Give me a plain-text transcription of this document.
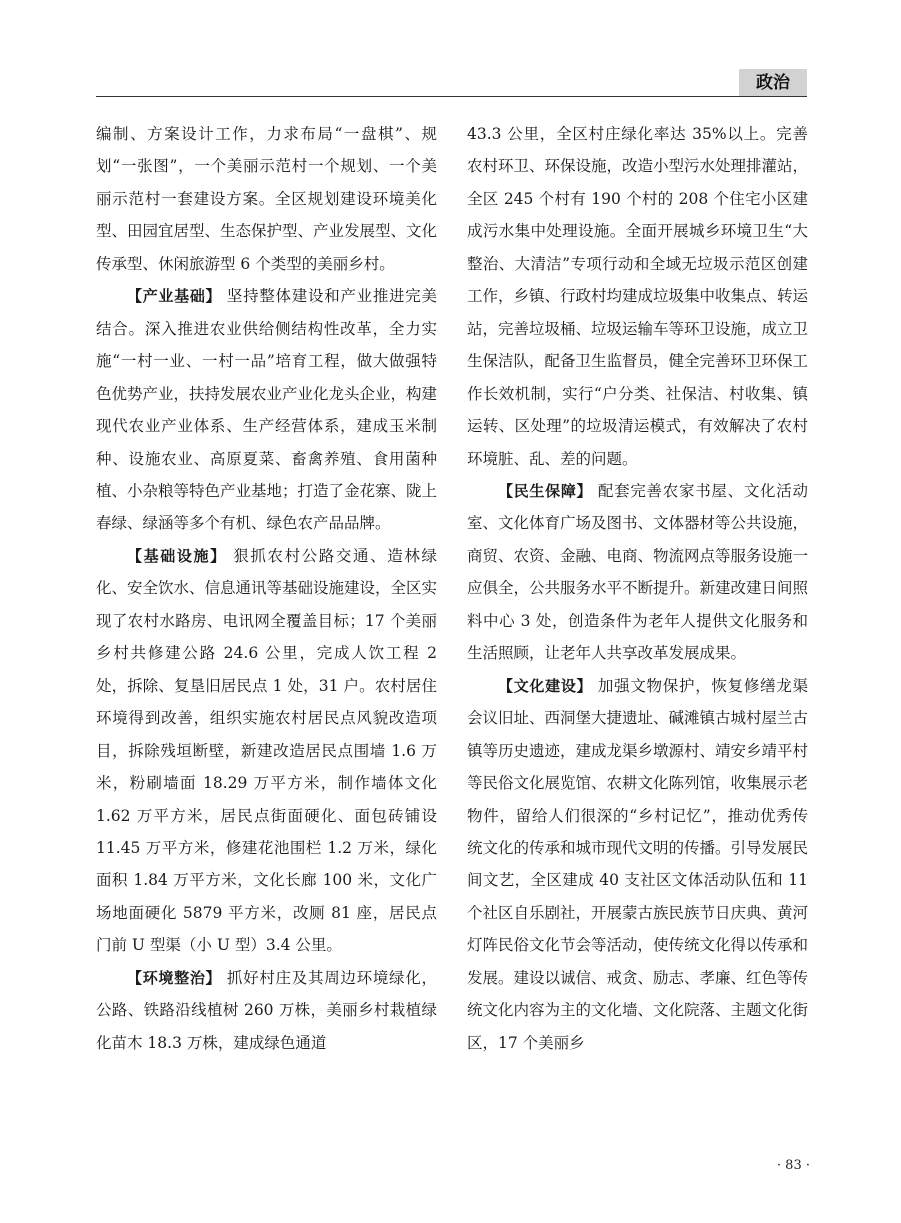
政治

编制、方案设计工作，力求布局“一盘棋”、规划“一张图”，一个美丽示范村一个规划、一个美丽示范村一套建设方案。全区规划建设环境美化型、田园宜居型、生态保护型、产业发展型、文化传承型、休闲旅游型 6 个类型的美丽乡村。

【产业基础】 坚持整体建设和产业推进完美结合。深入推进农业供给侧结构性改革，全力实施“一村一业、一村一品”培育工程，做大做强特色优势产业，扶持发展农业产业化龙头企业，构建现代农业产业体系、生产经营体系，建成玉米制种、设施农业、高原夏菜、畜禽养殖、食用菌种植、小杂粮等特色产业基地；打造了金花寨、陇上春绿、绿涵等多个有机、绿色农产品品牌。

【基础设施】 狠抓农村公路交通、造林绿化、安全饮水、信息通讯等基础设施建设，全区实现了农村水路房、电讯网全覆盖目标；17 个美丽乡村共修建公路 24.6 公里，完成人饮工程 2 处，拆除、复垦旧居民点 1 处，31 户。农村居住环境得到改善，组织实施农村居民点风貌改造项目，拆除残垣断壁，新建改造居民点围墙 1.6 万米，粉刷墙面 18.29 万平方米，制作墙体文化 1.62 万平方米，居民点街面硬化、面包砖铺设 11.45 万平方米，修建花池围栏 1.2 万米，绿化面积 1.84 万平方米，文化长廊 100 米，文化广场地面硬化 5879 平方米，改厕 81 座，居民点门前 U 型渠（小 U 型）3.4 公里。

【环境整治】 抓好村庄及其周边环境绿化，公路、铁路沿线植树 260 万株，美丽乡村栽植绿化苗木 18.3 万株，建成绿色通道

43.3 公里，全区村庄绿化率达 35%以上。完善农村环卫、环保设施，改造小型污水处理排灌站，全区 245 个村有 190 个村的 208 个住宅小区建成污水集中处理设施。全面开展城乡环境卫生“大整治、大清洁”专项行动和全域无垃圾示范区创建工作，乡镇、行政村均建成垃圾集中收集点、转运站，完善垃圾桶、垃圾运输车等环卫设施，成立卫生保洁队，配备卫生监督员，健全完善环卫环保工作长效机制，实行“户分类、社保洁、村收集、镇运转、区处理”的垃圾清运模式，有效解决了农村环境脏、乱、差的问题。

【民生保障】 配套完善农家书屋、文化活动室、文化体育广场及图书、文体器材等公共设施，商贸、农资、金融、电商、物流网点等服务设施一应俱全，公共服务水平不断提升。新建改建日间照料中心 3 处，创造条件为老年人提供文化服务和生活照顾，让老年人共享改革发展成果。

【文化建设】 加强文物保护，恢复修缮龙渠会议旧址、西洞堡大捷遗址、碱滩镇古城村屋兰古镇等历史遗迹，建成龙渠乡墩源村、靖安乡靖平村等民俗文化展览馆、农耕文化陈列馆，收集展示老物件，留给人们很深的“乡村记忆”，推动优秀传统文化的传承和城市现代文明的传播。引导发展民间文艺，全区建成 40 支社区文体活动队伍和 11 个社区自乐剧社，开展蒙古族民族节日庆典、黄河灯阵民俗文化节会等活动，使传统文化得以传承和发展。建设以诚信、戒贪、励志、孝廉、红色等传统文化内容为主的文化墙、文化院落、主题文化街区，17 个美丽乡

· 83 ·
